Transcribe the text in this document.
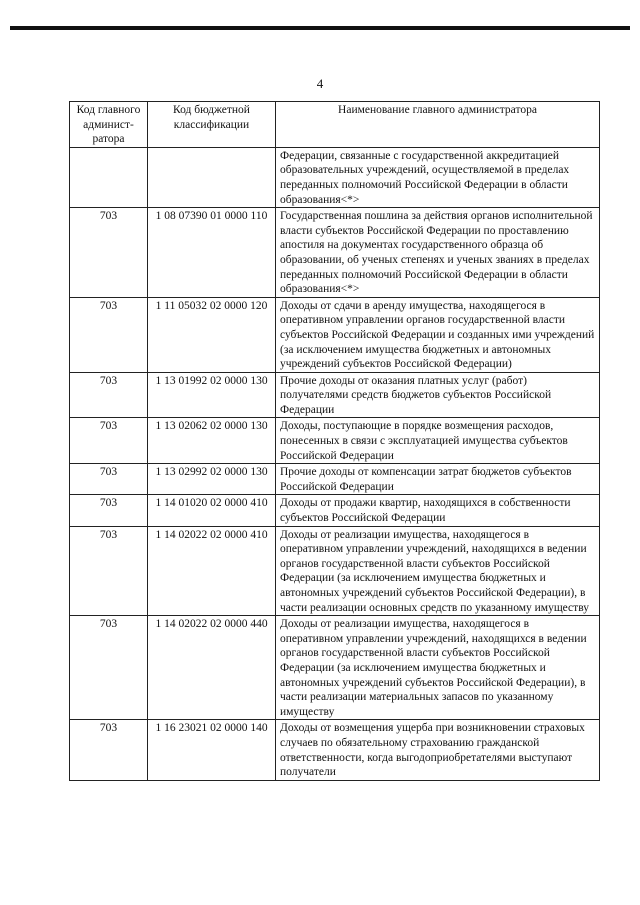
4
Код главного админист-ратора	Код бюджетной классификации	Наименование главного администратора
		Федерации, связанные с государственной аккредитацией образовательных учреждений, осуществляемой в пределах переданных полномочий Российской Федерации в области образования<*>
703	1 08 07390 01 0000 110	Государственная пошлина за действия органов исполнительной власти субъектов Российской Федерации по проставлению апостиля на документах государственного образца об образовании, об ученых степенях и ученых званиях в пределах переданных полномочий Российской Федерации в области образования<*>
703	1 11 05032 02 0000 120	Доходы от сдачи в аренду имущества, находящегося в оперативном управлении органов государственной власти субъектов Российской Федерации и созданных ими учреждений (за исключением имущества бюджетных и автономных учреждений субъектов Российской Федерации)
703	1 13 01992 02 0000 130	Прочие доходы от оказания платных услуг (работ) получателями средств бюджетов субъектов Российской Федерации
703	1 13 02062 02 0000 130	Доходы, поступающие в порядке возмещения расходов, понесенных в связи с эксплуатацией имущества субъектов Российской Федерации
703	1 13 02992 02 0000 130	Прочие доходы от компенсации затрат бюджетов субъектов Российской Федерации
703	1 14 01020 02 0000 410	Доходы от продажи квартир, находящихся в собственности субъектов Российской Федерации
703	1 14 02022 02 0000 410	Доходы от реализации имущества, находящегося в оперативном управлении учреждений, находящихся в ведении органов государственной власти субъектов Российской Федерации (за исключением имущества бюджетных и автономных учреждений субъектов Российской Федерации), в части реализации основных средств по указанному имуществу
703	1 14 02022 02 0000 440	Доходы от реализации имущества, находящегося в оперативном управлении учреждений, находящихся в ведении органов государственной власти субъектов Российской Федерации (за исключением имущества бюджетных и автономных учреждений субъектов Российской Федерации), в части реализации материальных запасов по указанному имуществу
703	1 16 23021 02 0000 140	Доходы от возмещения ущерба при возникновении страховых случаев по обязательному страхованию гражданской ответственности, когда выгодоприобретателями выступают получатели
